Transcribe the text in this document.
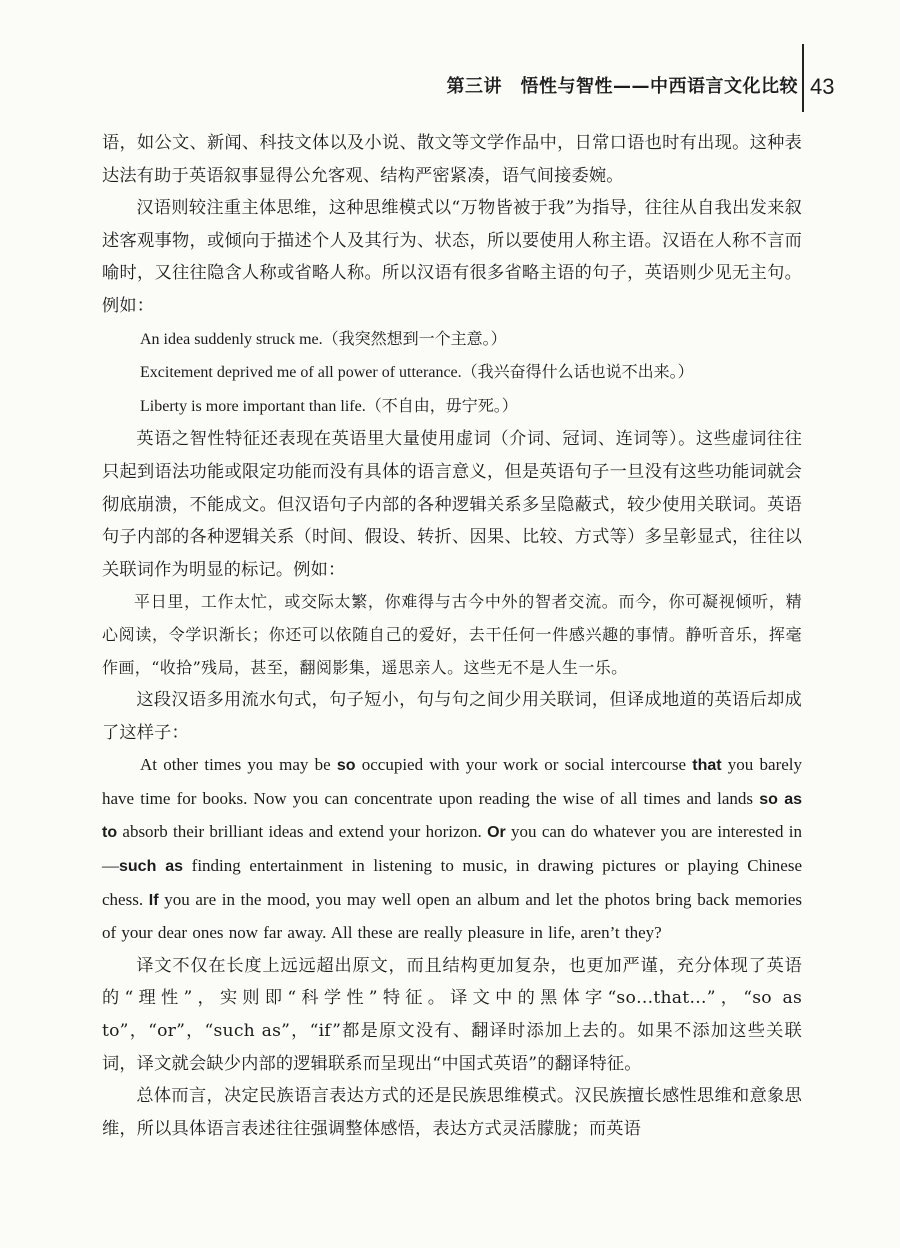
第三讲　悟性与智性——中西语言文化比较 43

语，如公文、新闻、科技文体以及小说、散文等文学作品中，日常口语也时有出现。这种表达法有助于英语叙事显得公允客观、结构严密紧凑，语气间接委婉。

汉语则较注重主体思维，这种思维模式以“万物皆被于我”为指导，往往从自我出发来叙述客观事物，或倾向于描述个人及其行为、状态，所以要使用人称主语。汉语在人称不言而喻时，又往往隐含人称或省略人称。所以汉语有很多省略主语的句子，英语则少见无主句。例如：

An idea suddenly struck me.（我突然想到一个主意。）

Excitement deprived me of all power of utterance.（我兴奋得什么话也说不出来。）

Liberty is more important than life.（不自由，毋宁死。）

英语之智性特征还表现在英语里大量使用虚词（介词、冠词、连词等）。这些虚词往往只起到语法功能或限定功能而没有具体的语言意义，但是英语句子一旦没有这些功能词就会彻底崩溃，不能成文。但汉语句子内部的各种逻辑关系多呈隐蔽式，较少使用关联词。英语句子内部的各种逻辑关系（时间、假设、转折、因果、比较、方式等）多呈彰显式，往往以关联词作为明显的标记。例如：

平日里，工作太忙，或交际太繁，你难得与古今中外的智者交流。而今，你可凝视倾听，精心阅读，令学识渐长；你还可以依随自己的爱好，去干任何一件感兴趣的事情。静听音乐，挥毫作画，“收拾”残局，甚至，翻阅影集，遥思亲人。这些无不是人生一乐。

这段汉语多用流水句式，句子短小，句与句之间少用关联词，但译成地道的英语后却成了这样子：

At other times you may be so occupied with your work or social intercourse that you barely have time for books. Now you can concentrate upon reading the wise of all times and lands so as to absorb their brilliant ideas and extend your horizon. Or you can do whatever you are interested in—such as finding entertainment in listening to music, in drawing pictures or playing Chinese chess. If you are in the mood, you may well open an album and let the photos bring back memories of your dear ones now far away. All these are really pleasure in life, aren’t they?

译文不仅在长度上远远超出原文，而且结构更加复杂，也更加严谨，充分体现了英语的“理性”，实则即“科学性”特征。译文中的黑体字“so…that…”，“so as to”，“or”，“such as”，“if”都是原文没有、翻译时添加上去的。如果不添加这些关联词，译文就会缺少内部的逻辑联系而呈现出“中国式英语”的翻译特征。

总体而言，决定民族语言表达方式的还是民族思维模式。汉民族擅长感性思维和意象思维，所以具体语言表述往往强调整体感悟，表达方式灵活朦胧；而英语
